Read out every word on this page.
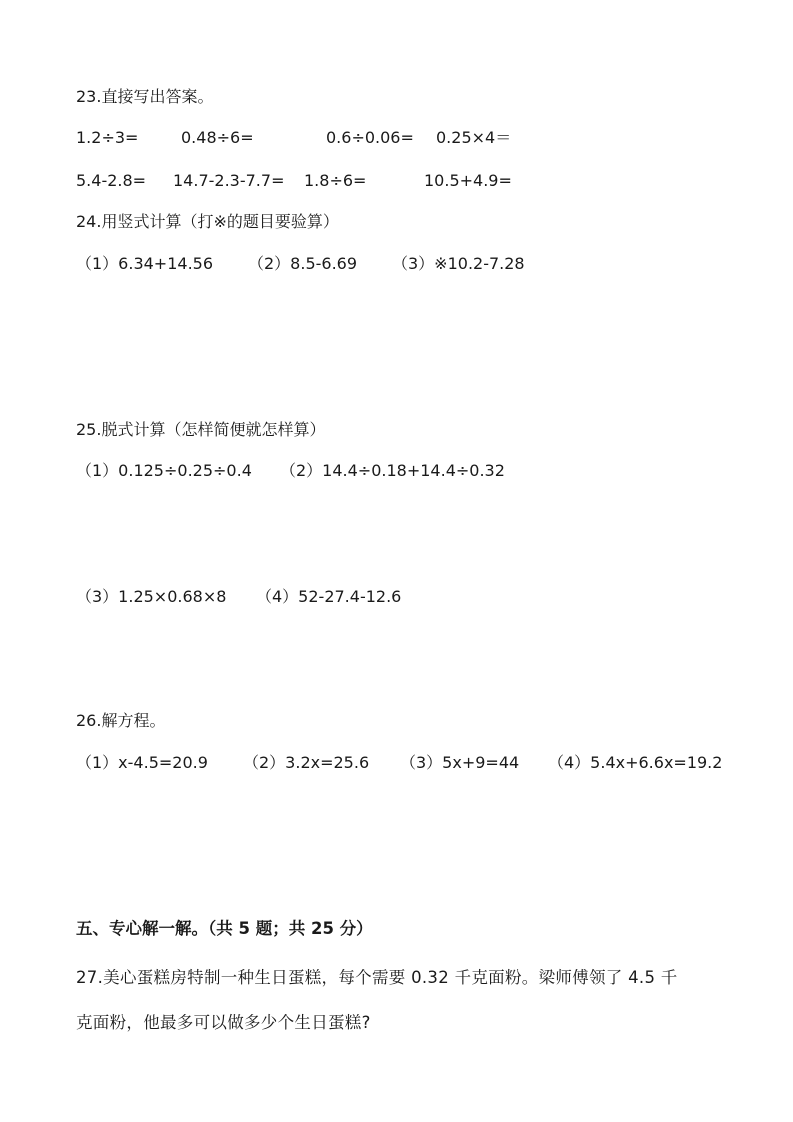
23.直接写出答案。
1.2÷3=	0.48÷6=	0.6÷0.06= 0.25×4＝
5.4-2.8= 14.7-2.3-7.7= 1.8÷6=	10.5+4.9=
24.用竖式计算（打※的题目要验算）
（1）6.34+14.56 （2）8.5-6.69 （3）※10.2-7.28
25.脱式计算（怎样简便就怎样算）
（1）0.125÷0.25÷0.4 （2）14.4÷0.18+14.4÷0.32
（3）1.25×0.68×8 （4）52-27.4-12.6
26.解方程。
（1）x-4.5=20.9 （2）3.2x=25.6 （3）5x+9=44 （4）5.4x+6.6x=19.2
五、专心解一解。（共 5 题；共 25 分）
27.美心蛋糕房特制一种生日蛋糕，每个需要 0.32 千克面粉。梁师傅领了 4.5 千
克面粉，他最多可以做多少个生日蛋糕?
